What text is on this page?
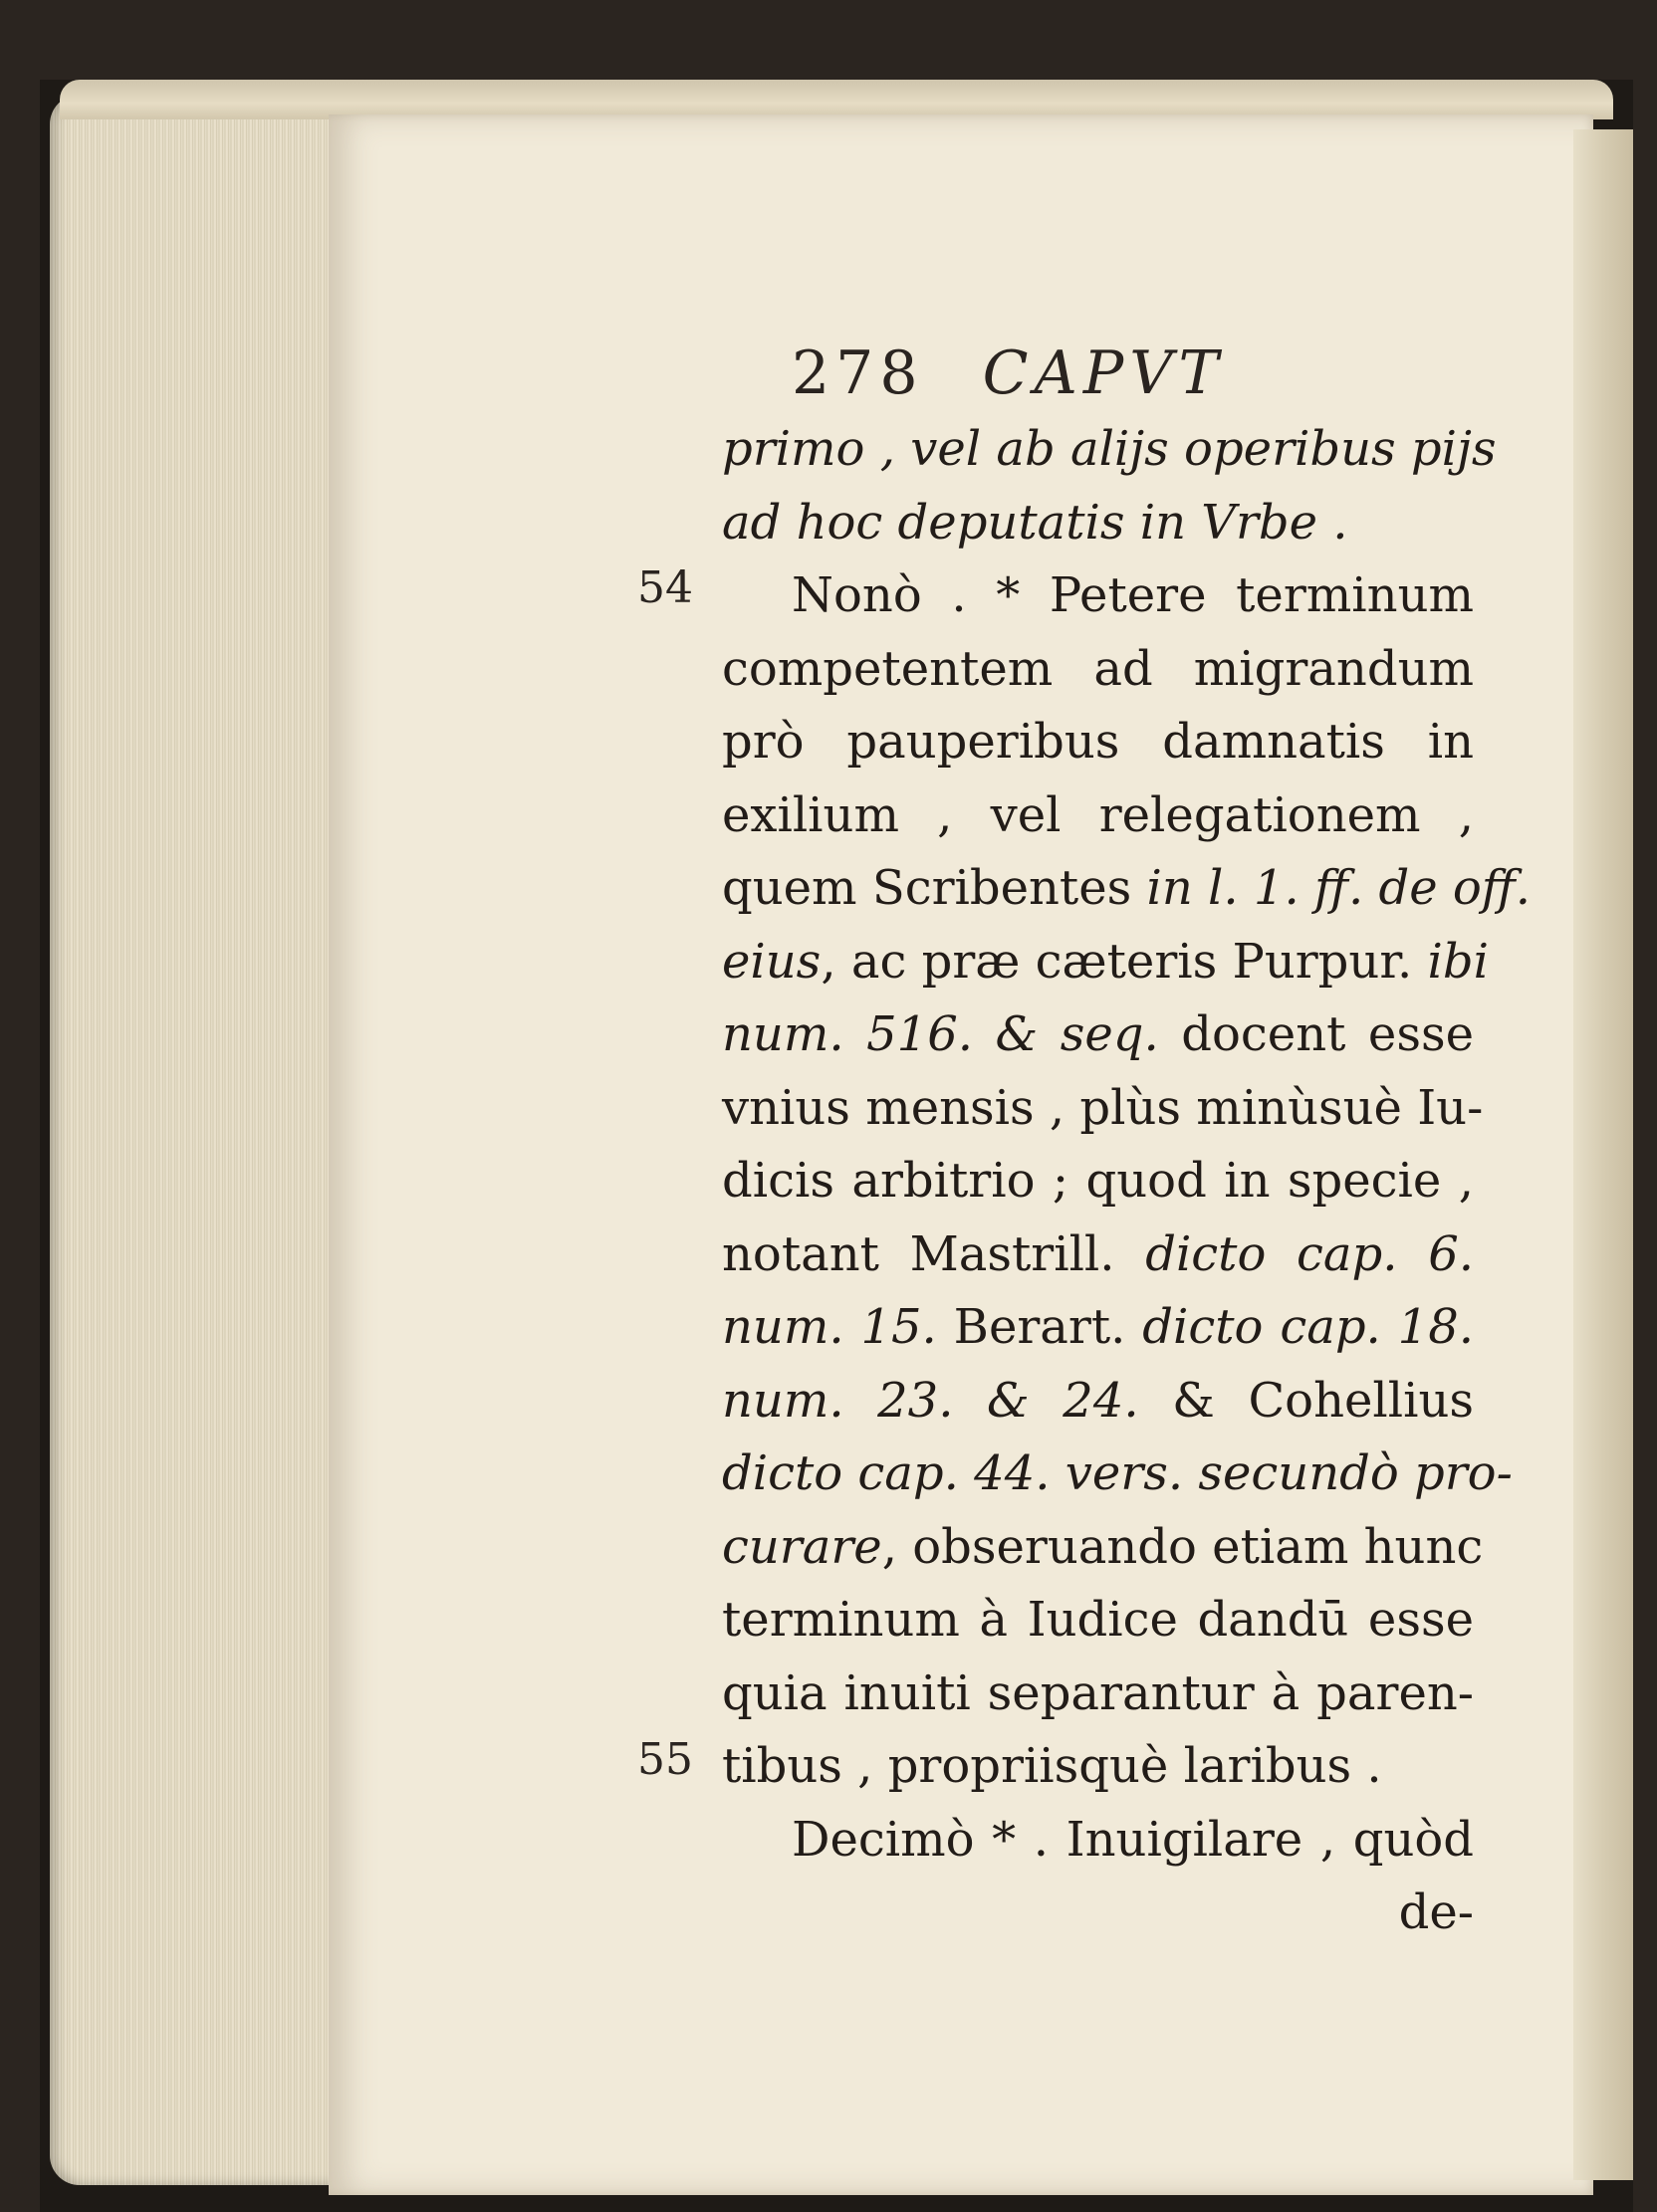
278 CAPVT
54
55
primo , vel ab alijs operibus pijs
ad hoc deputatis in Vrbe .
Nonò . * Petere terminum
competentem ad migrandum
prò pauperibus damnatis in
exilium , vel relegationem ,
quem Scribentes in l. 1. ff. de off.
eius, ac præ cæteris Purpur. ibi
num. 516. & seq. docent esse
vnius mensis , plùs minùsuè Iu-
dicis arbitrio ; quod in specie ,
notant Mastrill. dicto cap. 6.
num. 15. Berart. dicto cap. 18.
num. 23. & 24. & Cohellius
dicto cap. 44. vers. secundò pro-
curare, obseruando etiam hunc
terminum à Iudice dandū esse
quia inuiti separantur à paren-
tibus , propriisquè laribus .
Decimò * . Inuigilare , quòd
de-
